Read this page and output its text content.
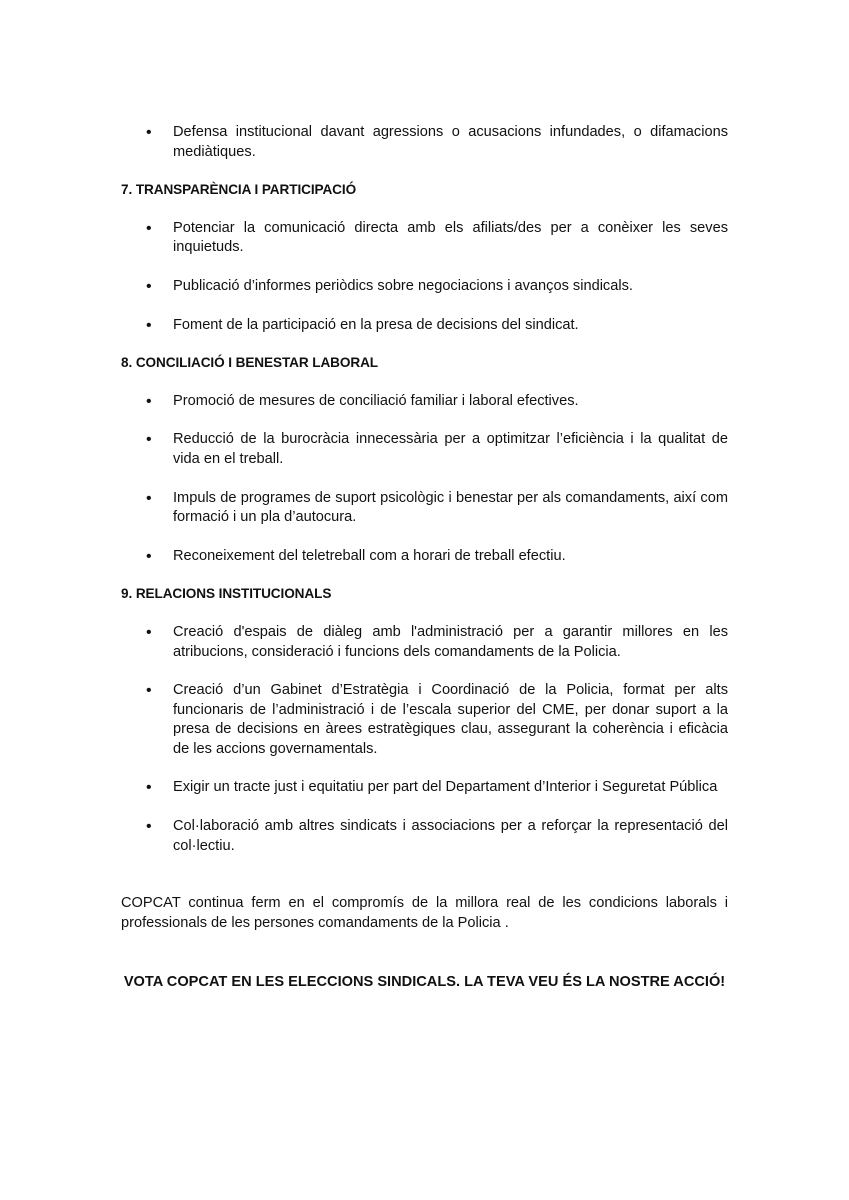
• Defensa institucional davant agressions o acusacions infundades, o difamacions mediàtiques.
7. TRANSPARÈNCIA I PARTICIPACIÓ
• Potenciar la comunicació directa amb els afiliats/des per a conèixer les seves inquietuds.
• Publicació d’informes periòdics sobre negociacions i avanços sindicals.
• Foment de la participació en la presa de decisions del sindicat.
8. CONCILIACIÓ I BENESTAR LABORAL
• Promoció de mesures de conciliació familiar i laboral efectives.
• Reducció de la burocràcia innecessària per a optimitzar l’eficiència i la qualitat de vida en el treball.
• Impuls de programes de suport psicològic i benestar per als comandaments, així com formació i un pla d’autocura.
• Reconeixement del teletreball com a horari de treball efectiu.
9. RELACIONS INSTITUCIONALS
• Creació d'espais de diàleg amb l'administració per a garantir millores en les atribucions, consideració i funcions dels comandaments de la Policia.
• Creació d’un Gabinet d’Estratègia i Coordinació de la Policia, format per alts funcionaris de l’administració i de l’escala superior del CME, per donar suport a la presa de decisions en àrees estratègiques clau, assegurant la coherència i eficàcia de les accions governamentals.
• Exigir un tracte just i equitatiu per part del Departament d’Interior i Seguretat Pública
• Col·laboració amb altres sindicats i associacions per a reforçar la representació del col·lectiu.

COPCAT continua ferm en el compromís de la millora real de les condicions laborals i professionals de les persones comandaments de la Policia .

VOTA COPCAT EN LES ELECCIONS SINDICALS. LA TEVA VEU ÉS LA NOSTRE ACCIÓ!
